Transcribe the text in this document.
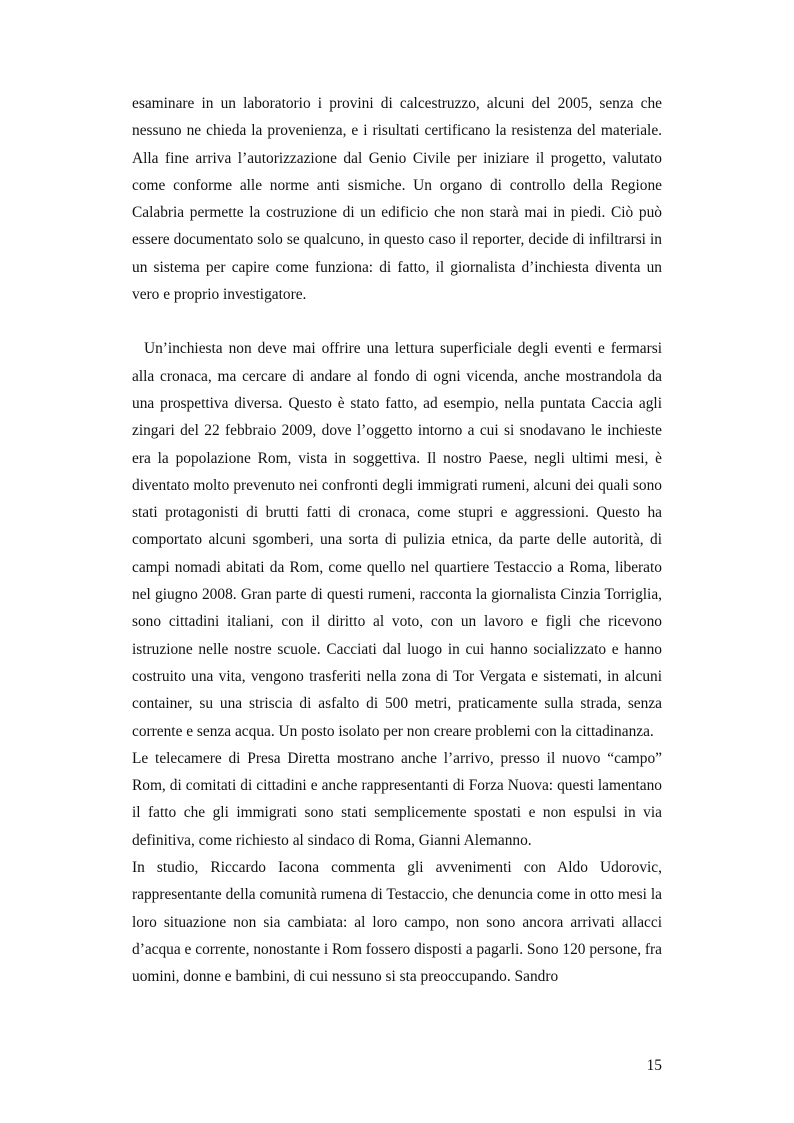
esaminare in un laboratorio i provini di calcestruzzo, alcuni del 2005, senza che nessuno ne chieda la provenienza, e i risultati certificano la resistenza del materiale. Alla fine arriva l’autorizzazione dal Genio Civile per iniziare il progetto, valutato come conforme alle norme anti sismiche. Un organo di controllo della Regione Calabria permette la costruzione di un edificio che non starà mai in piedi. Ciò può essere documentato solo se qualcuno, in questo caso il reporter, decide di infiltrarsi in un sistema per capire come funziona: di fatto, il giornalista d’inchiesta diventa un vero e proprio investigatore.

Un’inchiesta non deve mai offrire una lettura superficiale degli eventi e fermarsi alla cronaca, ma cercare di andare al fondo di ogni vicenda, anche mostrandola da una prospettiva diversa. Questo è stato fatto, ad esempio, nella puntata Caccia agli zingari del 22 febbraio 2009, dove l’oggetto intorno a cui si snodavano le inchieste era la popolazione Rom, vista in soggettiva. Il nostro Paese, negli ultimi mesi, è diventato molto prevenuto nei confronti degli immigrati rumeni, alcuni dei quali sono stati protagonisti di brutti fatti di cronaca, come stupri e aggressioni. Questo ha comportato alcuni sgomberi, una sorta di pulizia etnica, da parte delle autorità, di campi nomadi abitati da Rom, come quello nel quartiere Testaccio a Roma, liberato nel giugno 2008. Gran parte di questi rumeni, racconta la giornalista Cinzia Torriglia, sono cittadini italiani, con il diritto al voto, con un lavoro e figli che ricevono istruzione nelle nostre scuole. Cacciati dal luogo in cui hanno socializzato e hanno costruito una vita, vengono trasferiti nella zona di Tor Vergata e sistemati, in alcuni container, su una striscia di asfalto di 500 metri, praticamente sulla strada, senza corrente e senza acqua. Un posto isolato per non creare problemi con la cittadinanza.

Le telecamere di Presa Diretta mostrano anche l’arrivo, presso il nuovo “campo” Rom, di comitati di cittadini e anche rappresentanti di Forza Nuova: questi lamentano il fatto che gli immigrati sono stati semplicemente spostati e non espulsi in via definitiva, come richiesto al sindaco di Roma, Gianni Alemanno.

In studio, Riccardo Iacona commenta gli avvenimenti con Aldo Udorovic, rappresentante della comunità rumena di Testaccio, che denuncia come in otto mesi la loro situazione non sia cambiata: al loro campo, non sono ancora arrivati allacci d’acqua e corrente, nonostante i Rom fossero disposti a pagarli. Sono 120 persone, fra uomini, donne e bambini, di cui nessuno si sta preoccupando. Sandro

15
